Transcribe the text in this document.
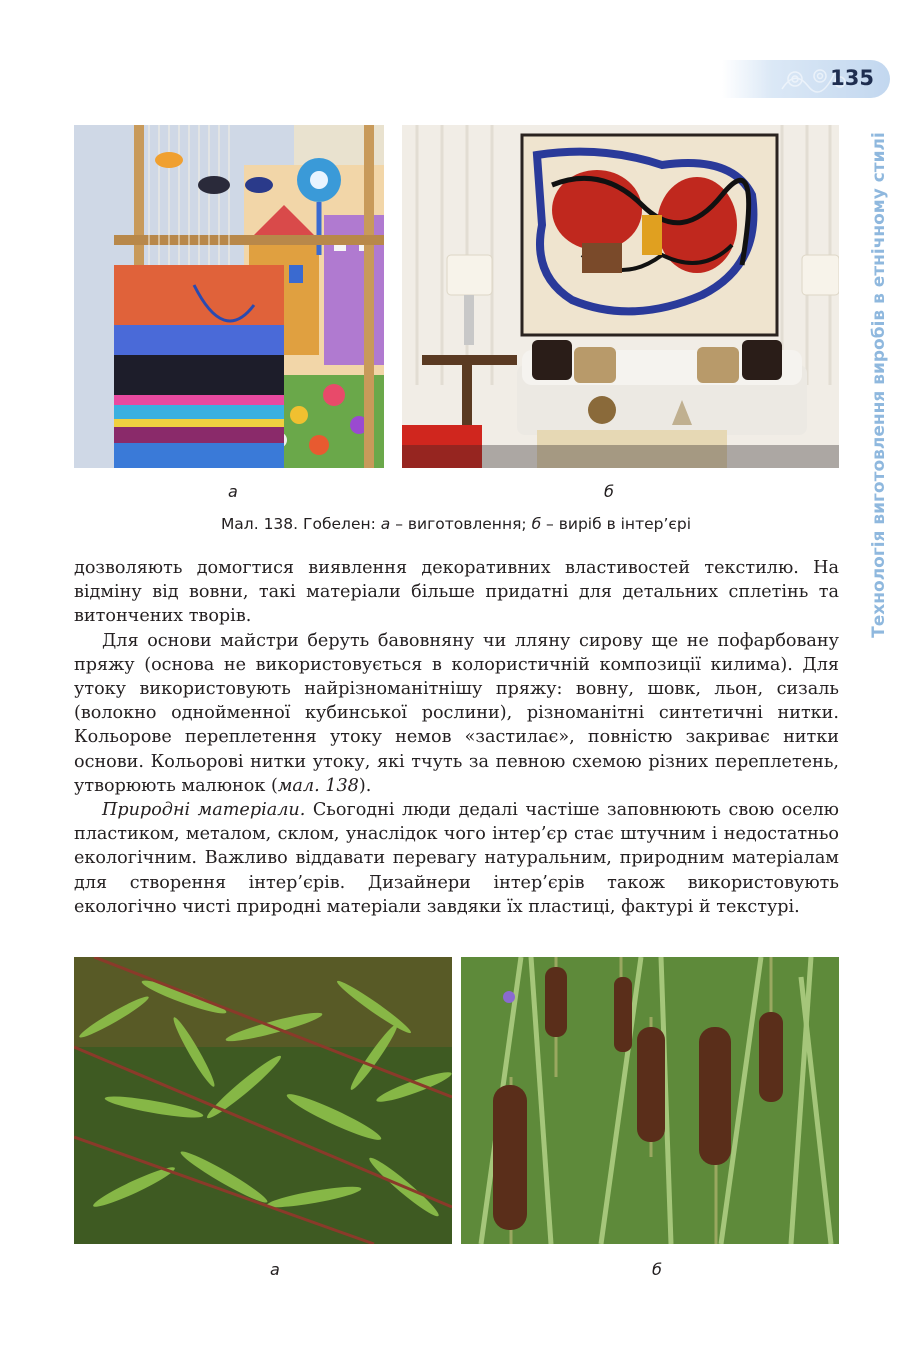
135
Технологія виготовлення виробів в етнічному стилі
а	б
Мал. 138. Гобелен: а – виготовлення; б – виріб в інтер’єрі

дозволяють домогтися виявлення декоративних властивостей текстилю. На відміну від вовни, такі матеріали більше придатні для детальних сплетінь та витончених творів.

Для основи майстри беруть бавовняну чи лляну сирову ще не пофарбовану пряжу (основа не використовується в колористичній композиції килима). Для утоку використовують найрізноманітнішу пряжу: вовну, шовк, льон, сизаль (волокно однойменної кубинської рослини), різноманітні синтетичні нитки. Кольорове переплетення утоку немов «застилає», повністю закриває нитки основи. Кольорові нитки утоку, які тчуть за певною схемою різних переплетень, утворюють малюнок (мал. 138).

Природні матеріали. Сьогодні люди дедалі частіше заповнюють свою оселю пластиком, металом, склом, унаслідок чого інтер’єр стає штучним і недостатньо екологічним. Важливо віддавати перевагу натуральним, природним матеріалам для створення інтер’єрів. Дизайнери інтер’єрів також використовують екологічно чисті природні матеріали завдяки їх пластиці, фактурі й текстурі.

а	б
